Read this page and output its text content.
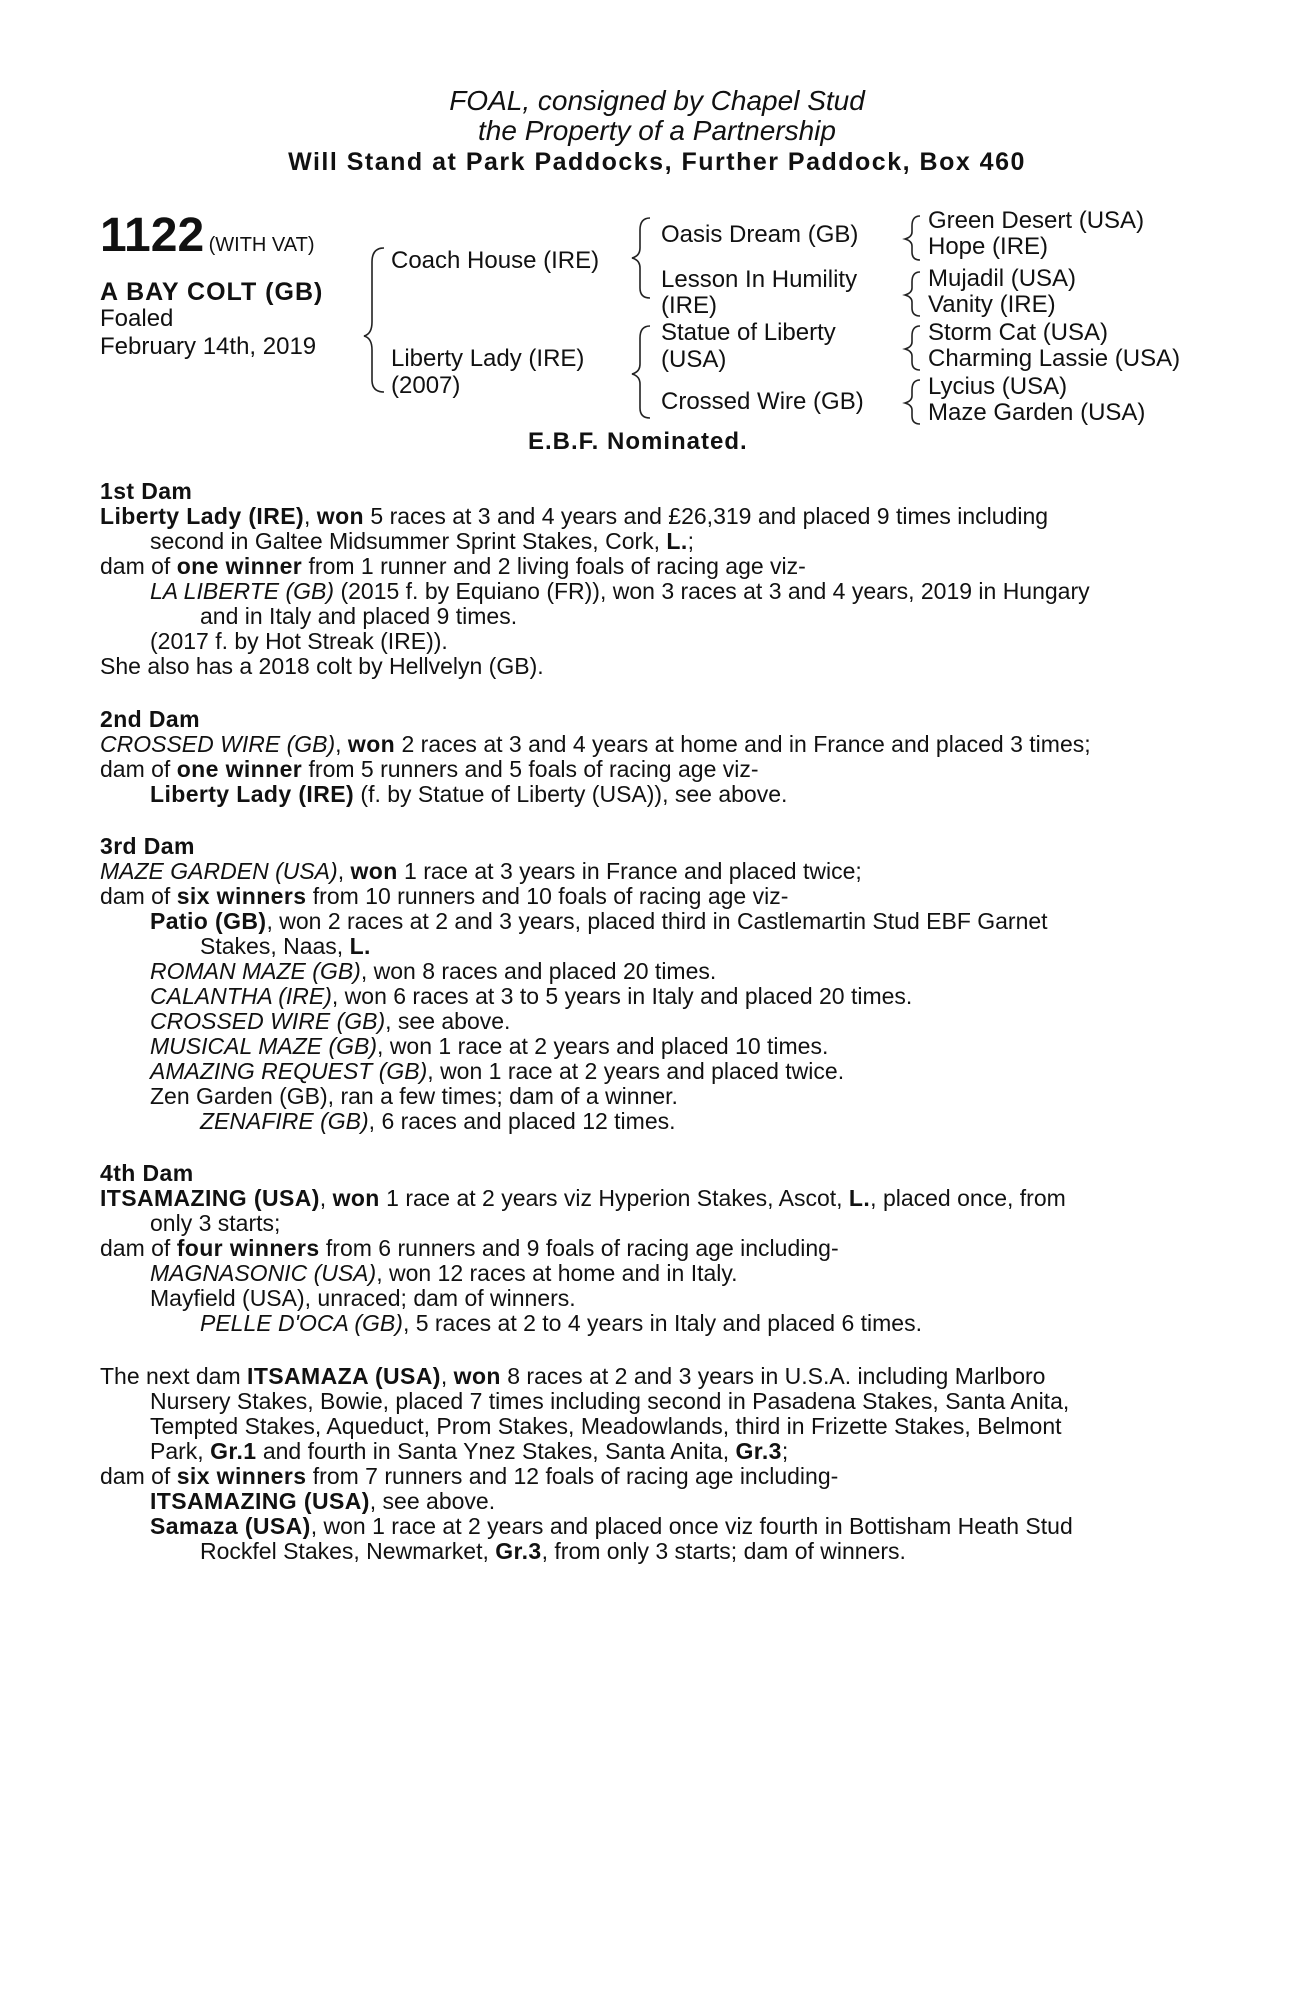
FOAL, consigned by Chapel Stud
the Property of a Partnership
Will Stand at Park Paddocks, Further Paddock, Box 460
1122 (WITH VAT)
A BAY COLT (GB)
Foaled
February 14th, 2019
Coach House (IRE)
Liberty Lady (IRE)
(2007)
Oasis Dream (GB)
Lesson In Humility
(IRE)
Statue of Liberty
(USA)
Crossed Wire (GB)
Green Desert (USA)
Hope (IRE)
Mujadil (USA)
Vanity (IRE)
Storm Cat (USA)
Charming Lassie (USA)
Lycius (USA)
Maze Garden (USA)
E.B.F. Nominated.
1st Dam
Liberty Lady (IRE), won 5 races at 3 and 4 years and £26,319 and placed 9 times including
second in Galtee Midsummer Sprint Stakes, Cork, L.;
dam of one winner from 1 runner and 2 living foals of racing age viz-
LA LIBERTE (GB) (2015 f. by Equiano (FR)), won 3 races at 3 and 4 years, 2019 in Hungary
and in Italy and placed 9 times.
(2017 f. by Hot Streak (IRE)).
She also has a 2018 colt by Hellvelyn (GB).
2nd Dam
CROSSED WIRE (GB), won 2 races at 3 and 4 years at home and in France and placed 3 times;
dam of one winner from 5 runners and 5 foals of racing age viz-
Liberty Lady (IRE) (f. by Statue of Liberty (USA)), see above.
3rd Dam
MAZE GARDEN (USA), won 1 race at 3 years in France and placed twice;
dam of six winners from 10 runners and 10 foals of racing age viz-
Patio (GB), won 2 races at 2 and 3 years, placed third in Castlemartin Stud EBF Garnet
Stakes, Naas, L.
ROMAN MAZE (GB), won 8 races and placed 20 times.
CALANTHA (IRE), won 6 races at 3 to 5 years in Italy and placed 20 times.
CROSSED WIRE (GB), see above.
MUSICAL MAZE (GB), won 1 race at 2 years and placed 10 times.
AMAZING REQUEST (GB), won 1 race at 2 years and placed twice.
Zen Garden (GB), ran a few times; dam of a winner.
ZENAFIRE (GB), 6 races and placed 12 times.
4th Dam
ITSAMAZING (USA), won 1 race at 2 years viz Hyperion Stakes, Ascot, L., placed once, from
only 3 starts;
dam of four winners from 6 runners and 9 foals of racing age including-
MAGNASONIC (USA), won 12 races at home and in Italy.
Mayfield (USA), unraced; dam of winners.
PELLE D'OCA (GB), 5 races at 2 to 4 years in Italy and placed 6 times.
The next dam ITSAMAZA (USA), won 8 races at 2 and 3 years in U.S.A. including Marlboro
Nursery Stakes, Bowie, placed 7 times including second in Pasadena Stakes, Santa Anita,
Tempted Stakes, Aqueduct, Prom Stakes, Meadowlands, third in Frizette Stakes, Belmont
Park, Gr.1 and fourth in Santa Ynez Stakes, Santa Anita, Gr.3;
dam of six winners from 7 runners and 12 foals of racing age including-
ITSAMAZING (USA), see above.
Samaza (USA), won 1 race at 2 years and placed once viz fourth in Bottisham Heath Stud
Rockfel Stakes, Newmarket, Gr.3, from only 3 starts; dam of winners.
